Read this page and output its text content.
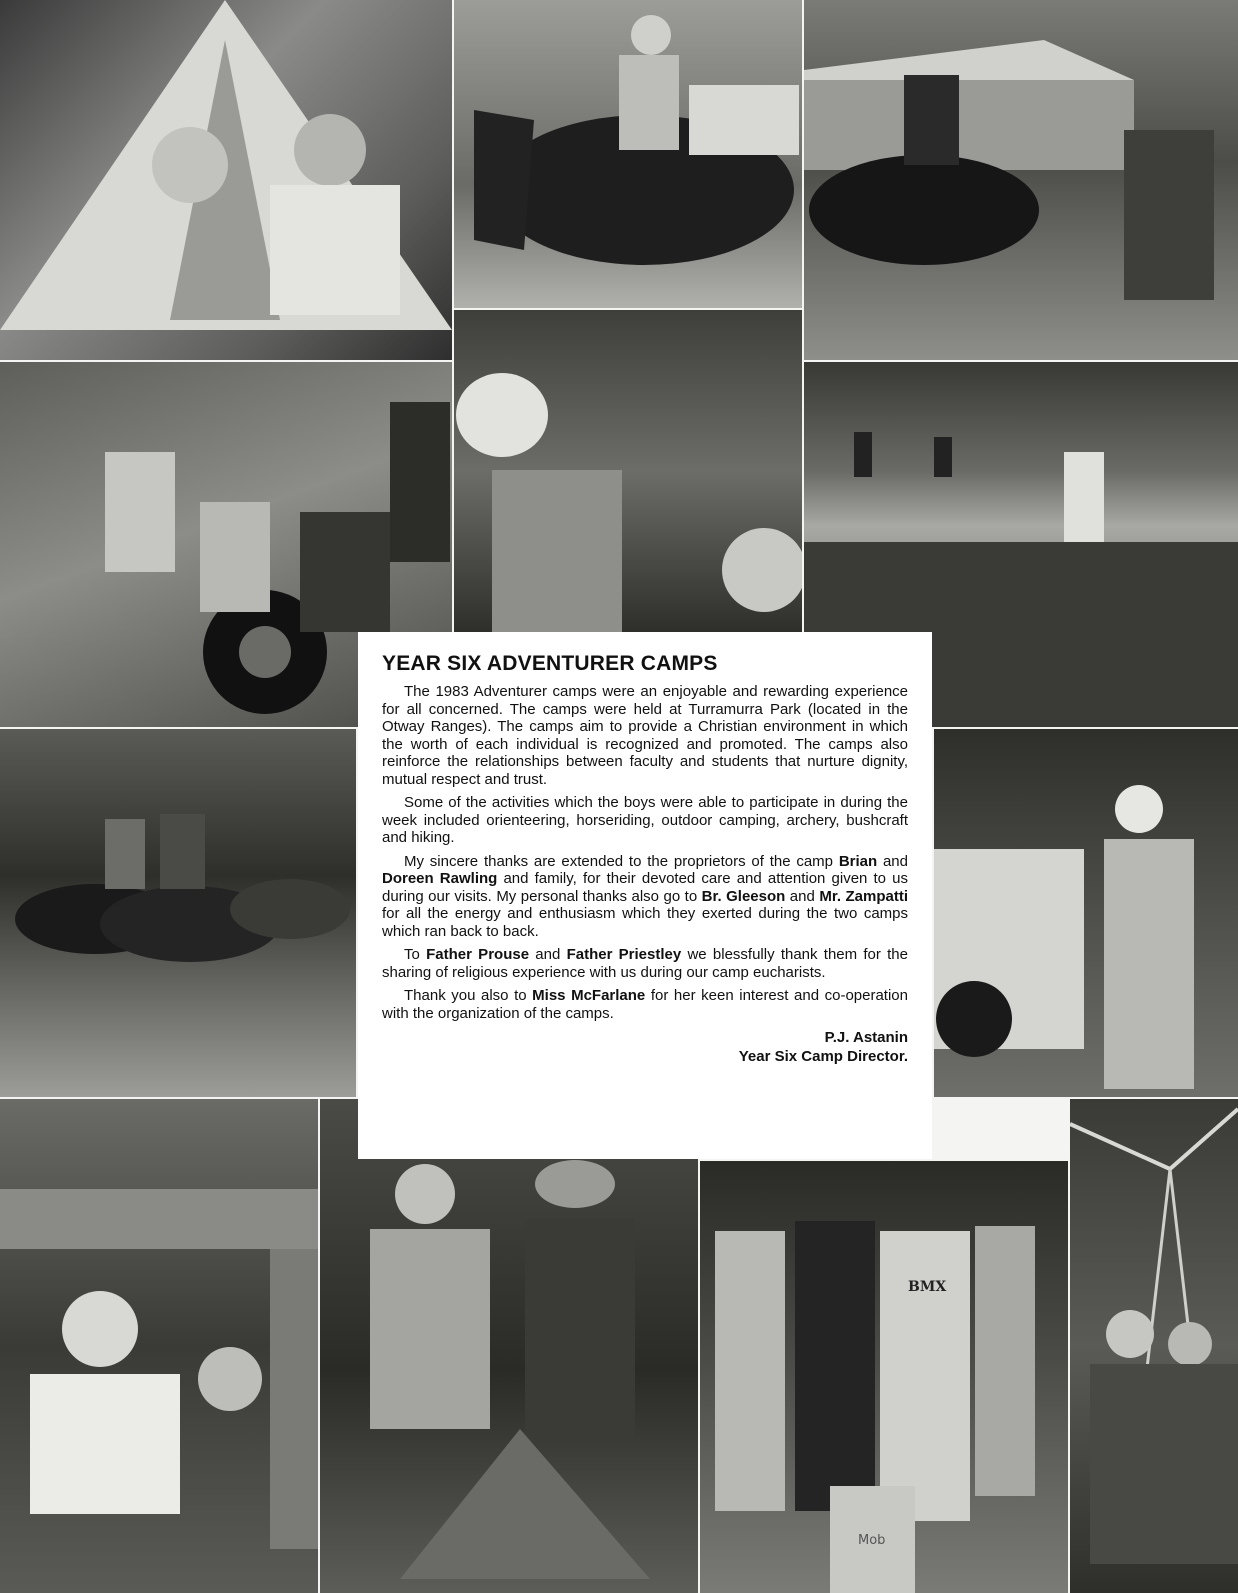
BMX
Mob
YEAR SIX ADVENTURER CAMPS

The 1983 Adventurer camps were an enjoyable and rewarding experience for all concerned. The camps were held at Turramurra Park (located in the Otway Ranges). The camps aim to provide a Christian environment in which the worth of each individual is recognized and promoted. The camps also reinforce the relationships between faculty and students that nurture dignity, mutual respect and trust.

Some of the activities which the boys were able to participate in during the week included orienteering, horseriding, outdoor camping, archery, bushcraft and hiking.

My sincere thanks are extended to the proprietors of the camp Brian and Doreen Rawling and family, for their devoted care and attention given to us during our visits. My personal thanks also go to Br. Gleeson and Mr. Zampatti for all the energy and enthusiasm which they exerted during the two camps which ran back to back.

To Father Prouse and Father Priestley we blessfully thank them for the sharing of religious experience with us during our camp eucharists.

Thank you also to Miss McFarlane for her keen interest and co-operation with the organization of the camps.

P.J. Astanin
Year Six Camp Director.
